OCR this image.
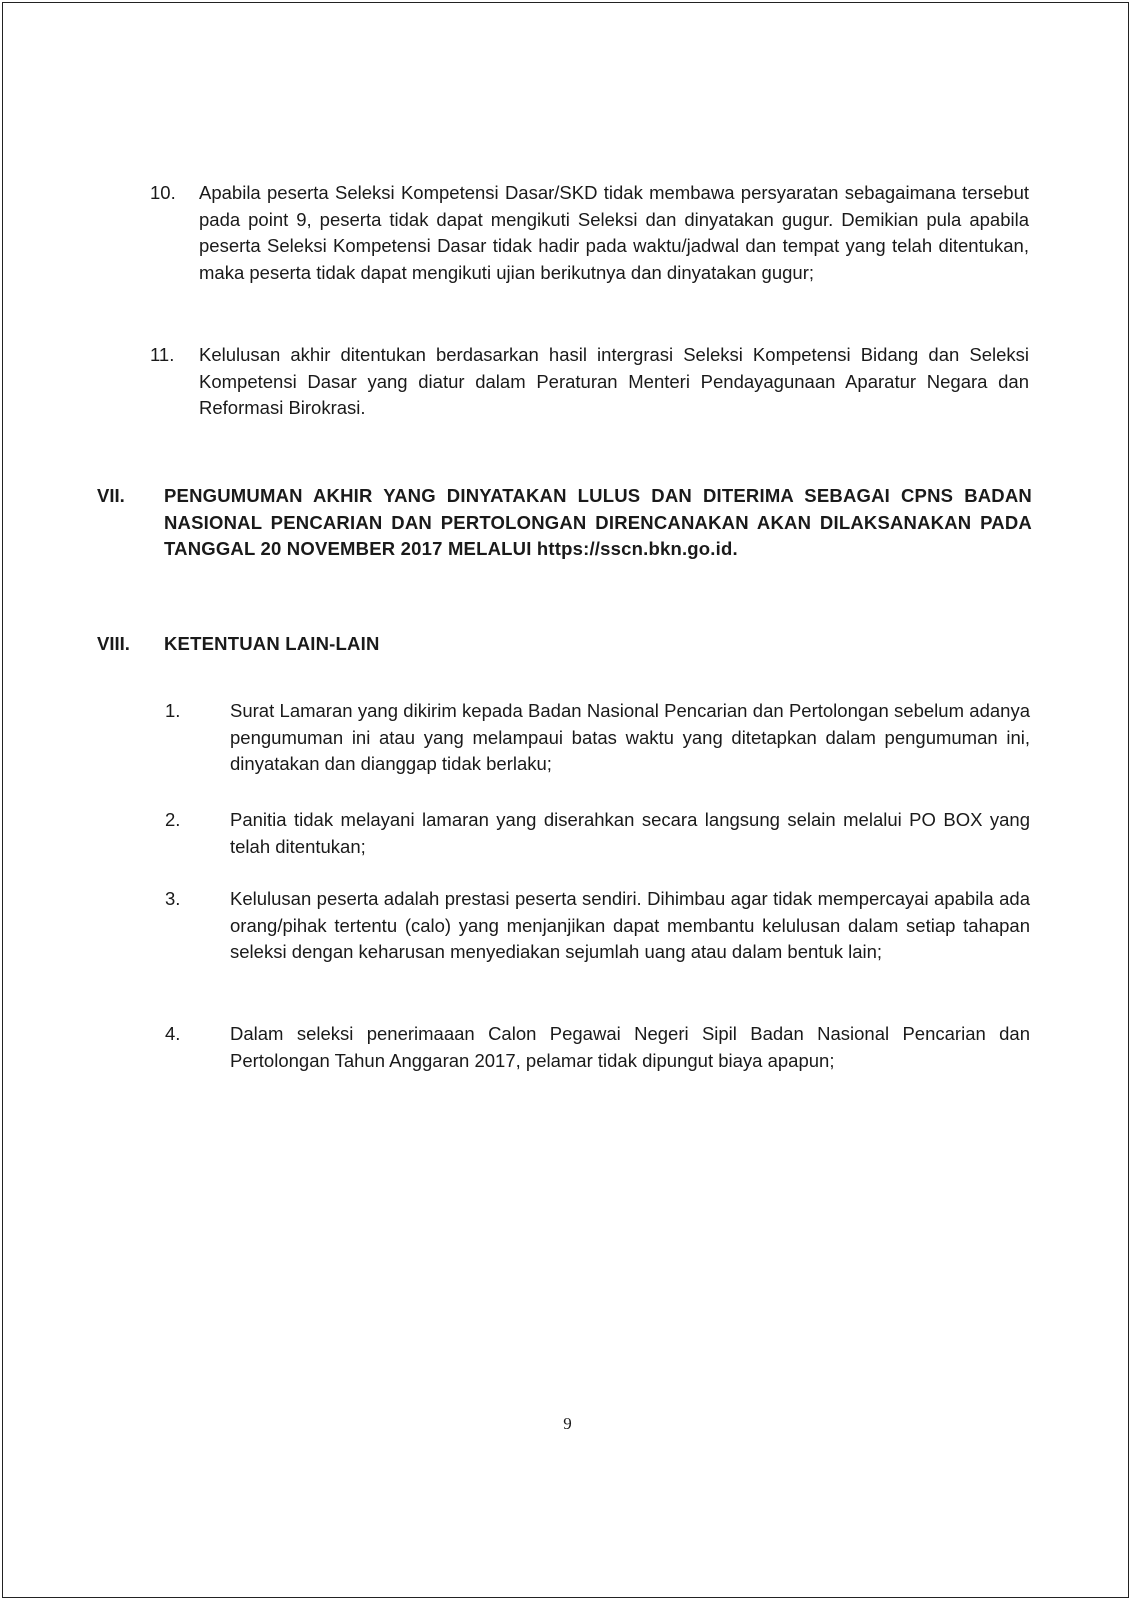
10. Apabila peserta Seleksi Kompetensi Dasar/SKD tidak membawa persyaratan sebagaimana tersebut pada point 9, peserta tidak dapat mengikuti Seleksi dan dinyatakan gugur. Demikian pula apabila peserta Seleksi Kompetensi Dasar tidak hadir pada waktu/jadwal dan tempat yang telah ditentukan, maka peserta tidak dapat mengikuti ujian berikutnya dan dinyatakan gugur;
11. Kelulusan akhir ditentukan berdasarkan hasil intergrasi Seleksi Kompetensi Bidang dan Seleksi Kompetensi Dasar yang diatur dalam Peraturan Menteri Pendayagunaan Aparatur Negara dan Reformasi Birokrasi.
VII. PENGUMUMAN AKHIR YANG DINYATAKAN LULUS DAN DITERIMA SEBAGAI CPNS BADAN NASIONAL PENCARIAN DAN PERTOLONGAN DIRENCANAKAN AKAN DILAKSANAKAN PADA TANGGAL 20 NOVEMBER 2017 MELALUI https://sscn.bkn.go.id.
VIII. KETENTUAN LAIN-LAIN
1.	Surat Lamaran yang dikirim kepada Badan Nasional Pencarian dan Pertolongan sebelum adanya pengumuman ini atau yang melampaui batas waktu yang ditetapkan dalam pengumuman ini, dinyatakan dan dianggap tidak berlaku;
2.	Panitia tidak melayani lamaran yang diserahkan secara langsung selain melalui PO BOX yang telah ditentukan;
3.	Kelulusan peserta adalah prestasi peserta sendiri. Dihimbau agar tidak mempercayai apabila ada orang/pihak tertentu (calo) yang menjanjikan dapat membantu kelulusan dalam setiap tahapan seleksi dengan keharusan menyediakan sejumlah uang atau dalam bentuk lain;
4.	Dalam seleksi penerimaaan Calon Pegawai Negeri Sipil Badan Nasional Pencarian dan Pertolongan Tahun Anggaran 2017, pelamar tidak dipungut biaya apapun;
9
